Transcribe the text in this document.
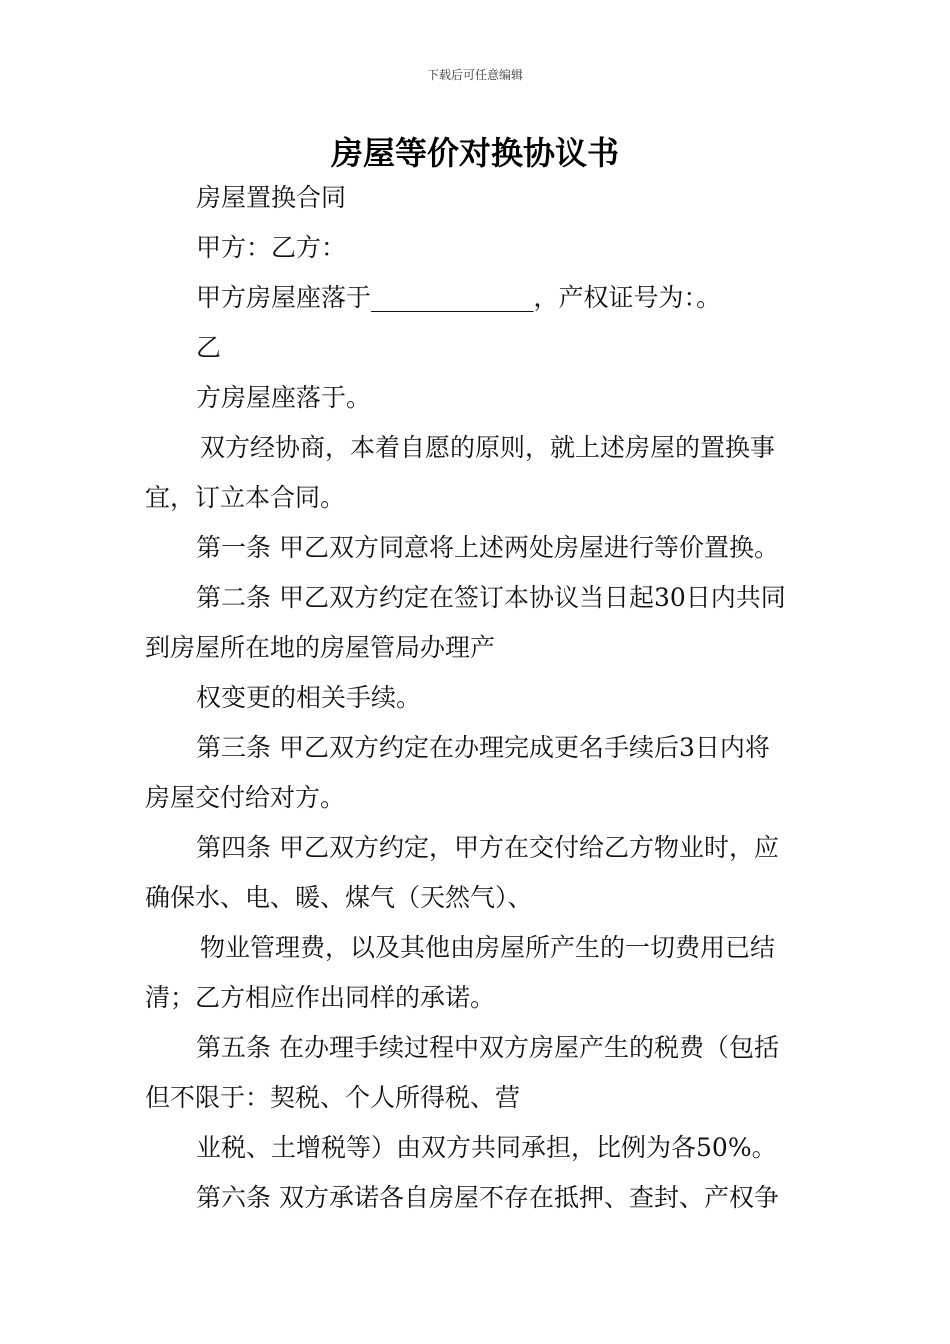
下载后可任意编辑
房屋等价对换协议书
房屋置换合同
甲方：乙方：
甲方房屋座落于_____________，产权证号为：。
乙
方房屋座落于。
双方经协商，本着自愿的原则，就上述房屋的置换事
宜，订立本合同。
第一条 甲乙双方同意将上述两处房屋进行等价置换。
第二条 甲乙双方约定在签订本协议当日起30日内共同
到房屋所在地的房屋管局办理产
权变更的相关手续。
第三条 甲乙双方约定在办理完成更名手续后3日内将
房屋交付给对方。
第四条 甲乙双方约定，甲方在交付给乙方物业时，应
确保水、电、暖、煤气（天然气）、
物业管理费，以及其他由房屋所产生的一切费用已结
清；乙方相应作出同样的承诺。
第五条 在办理手续过程中双方房屋产生的税费（包括
但不限于：契税、个人所得税、营
业税、土增税等）由双方共同承担，比例为各50%。
第六条 双方承诺各自房屋不存在抵押、查封、产权争
